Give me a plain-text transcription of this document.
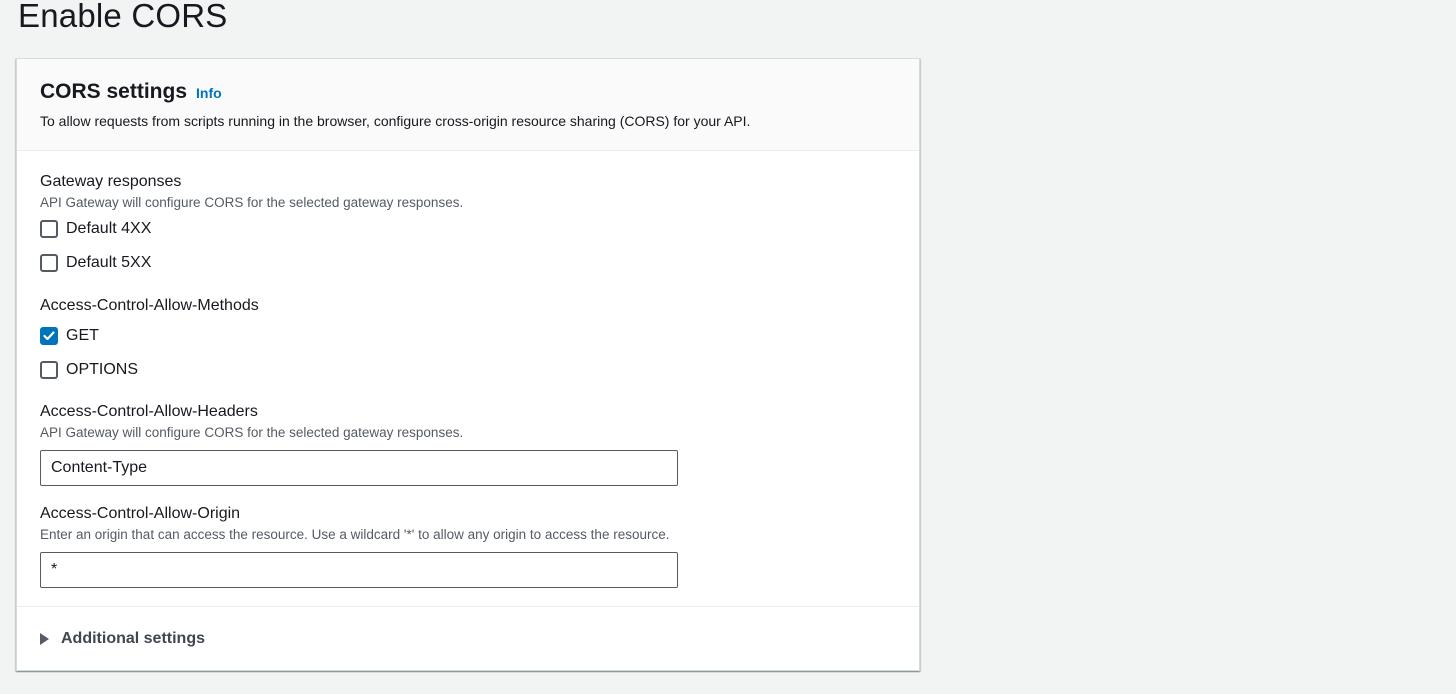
Enable CORS
CORS settings Info
To allow requests from scripts running in the browser, configure cross-origin resource sharing (CORS) for your API.
Gateway responses
API Gateway will configure CORS for the selected gateway responses.
Default 4XX
Default 5XX
Access-Control-Allow-Methods
GET
OPTIONS
Access-Control-Allow-Headers
API Gateway will configure CORS for the selected gateway responses.
Content-Type
Access-Control-Allow-Origin
Enter an origin that can access the resource. Use a wildcard '*' to allow any origin to access the resource.
*
Additional settings
